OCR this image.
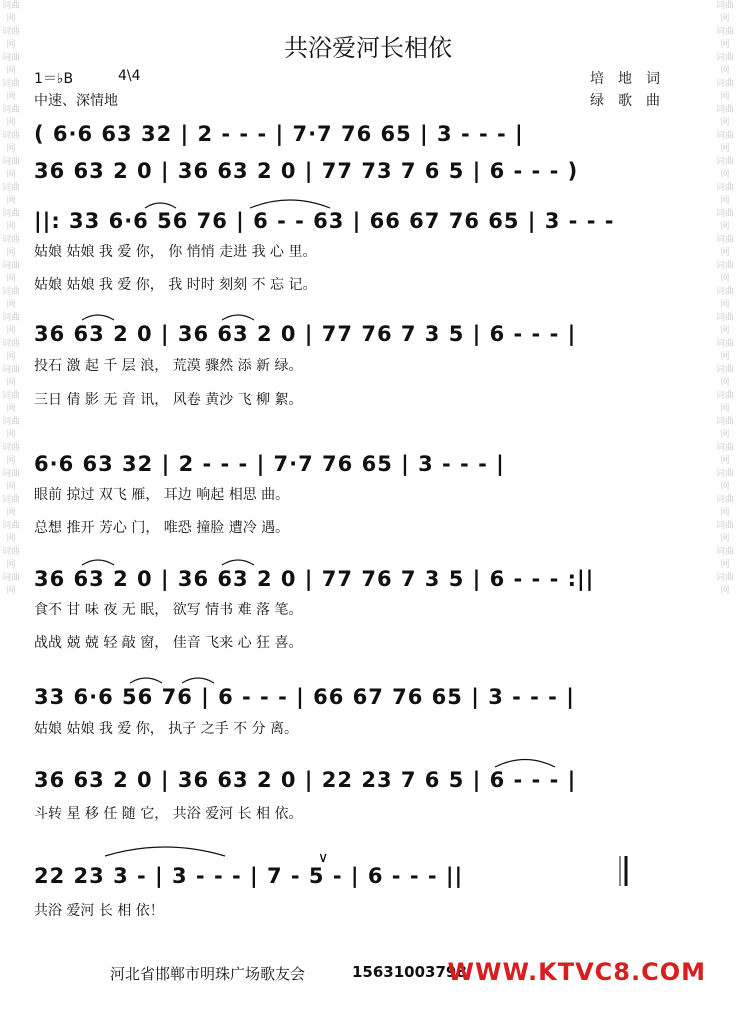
词曲网 词曲网 词曲网 词曲网 词曲网 词曲网 词曲网 词曲网 词曲网 词曲网 词曲网 词曲网 词曲网 词曲网 词曲网 词曲网 词曲网 词曲网 词曲网 词曲网 词曲网 词曲网 词曲网
词曲网 词曲网 词曲网 词曲网 词曲网 词曲网 词曲网 词曲网 词曲网 词曲网 词曲网 词曲网 词曲网 词曲网 词曲网 词曲网 词曲网 词曲网 词曲网 词曲网 词曲网 词曲网 词曲网
共浴爱河长相依
1＝♭B	4\4
中速、深情地
培　地　词
绿　歌　曲
( 6·6 63 32 | 2 - - - | 7·7 76 65 | 3 - - - |
36 63 2 0 | 36 63 2 0 | 77 73 7 6 5 | 6 - - - )
||: 33 6·6 56 76 | 6 - - 63 | 66 67 76 65 | 3 - - -
姑娘 姑娘 我 爱 你， 你 悄悄 走进 我 心 里。
姑娘 姑娘 我 爱 你， 我 时时 刻刻 不 忘 记。
36 63 2 0 | 36 63 2 0 | 77 76 7 3 5 | 6 - - - |
投石 激 起 千 层 浪， 荒漠 骤然 添 新 绿。
三日 倩 影 无 音 讯， 风卷 黄沙 飞 柳 絮。
6·6 63 32 | 2 - - - | 7·7 76 65 | 3 - - - |
眼前 掠过 双飞 雁， 耳边 响起 相思 曲。
总想 推开 芳心 门， 唯恐 撞脸 遭冷 遇。
36 63 2 0 | 36 63 2 0 | 77 76 7 3 5 | 6 - - - :||
食不 甘 味 夜 无 眠， 欲写 情书 难 落 笔。
战战 兢 兢 轻 敲 窗， 佳音 飞来 心 狂 喜。
33 6·6 56 76 | 6 - - - | 66 67 76 65 | 3 - - - |
姑娘 姑娘 我 爱 你， 执子 之手 不 分 离。
36 63 2 0 | 36 63 2 0 | 22 23 7 6 5 | 6 - - - |
斗转 星 移 任 随 它， 共浴 爱河 长 相 依。
22 23 3 - | 3 - - - | 7 - 5 - | 6 - - - ||
共浴 爱河 长 相 依！
∨
河北省邯郸市明珠广场歌友会	15631003798
WWW.KTVC8.COM
